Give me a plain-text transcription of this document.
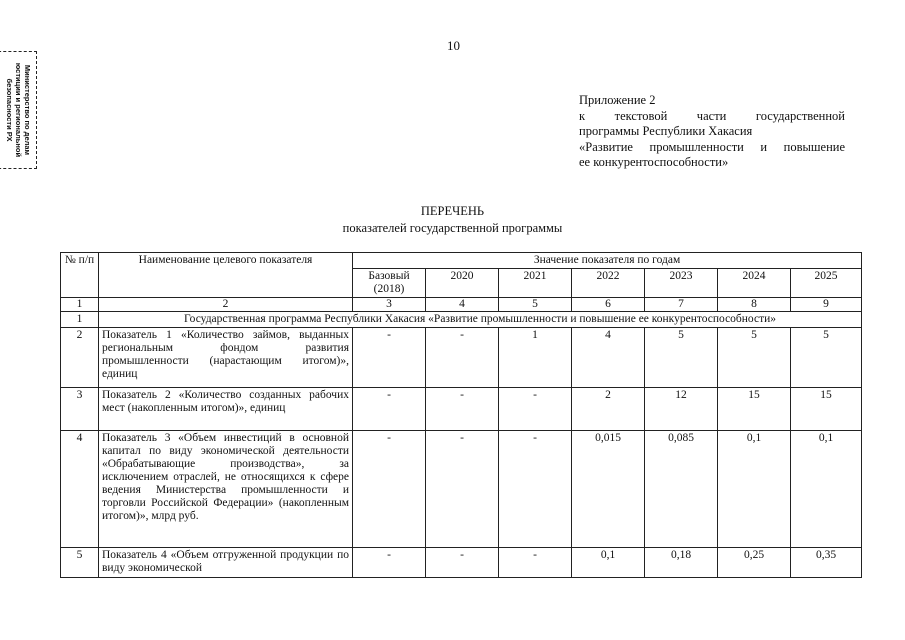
10
Министерство по делам
юстиции и региональной
безопасности РХ	Приложение 2
к текстовой части государственной
программы Республики Хакасия
«Развитие промышленности и повышение
ее конкурентоспособности»
ПЕРЕЧЕНЬ
показателей государственной программы
№ п/п	Наименование целевого показателя	Значение показателя по годам						
		Базовый (2018)	2020	2021	2022	2023	2024	2025
1	2	3	4	5	6	7	8	9
1	Государственная программа Республики Хакасия «Развитие промышленности и повышение ее конкурентоспособности»							
2	Показатель 1 «Количество займов, выданных региональным фондом развития промышленности (нарастающим итогом)», единиц	-	-	1	4	5	5	5
3	Показатель 2 «Количество созданных рабочих мест (накопленным итогом)», единиц	-	-	-	2	12	15	15
4	Показатель 3 «Объем инвестиций в основной капитал по виду экономической деятельности «Обрабатывающие производства», за исключением отраслей, не относящихся к сфере ведения Министерства промышленности и торговли Российской Федерации» (накопленным итогом)», млрд руб.	-	-	-	0,015	0,085	0,1	0,1
5	Показатель 4 «Объем отгруженной продукции по виду экономической	-	-	-	0,1	0,18	0,25	0,35
